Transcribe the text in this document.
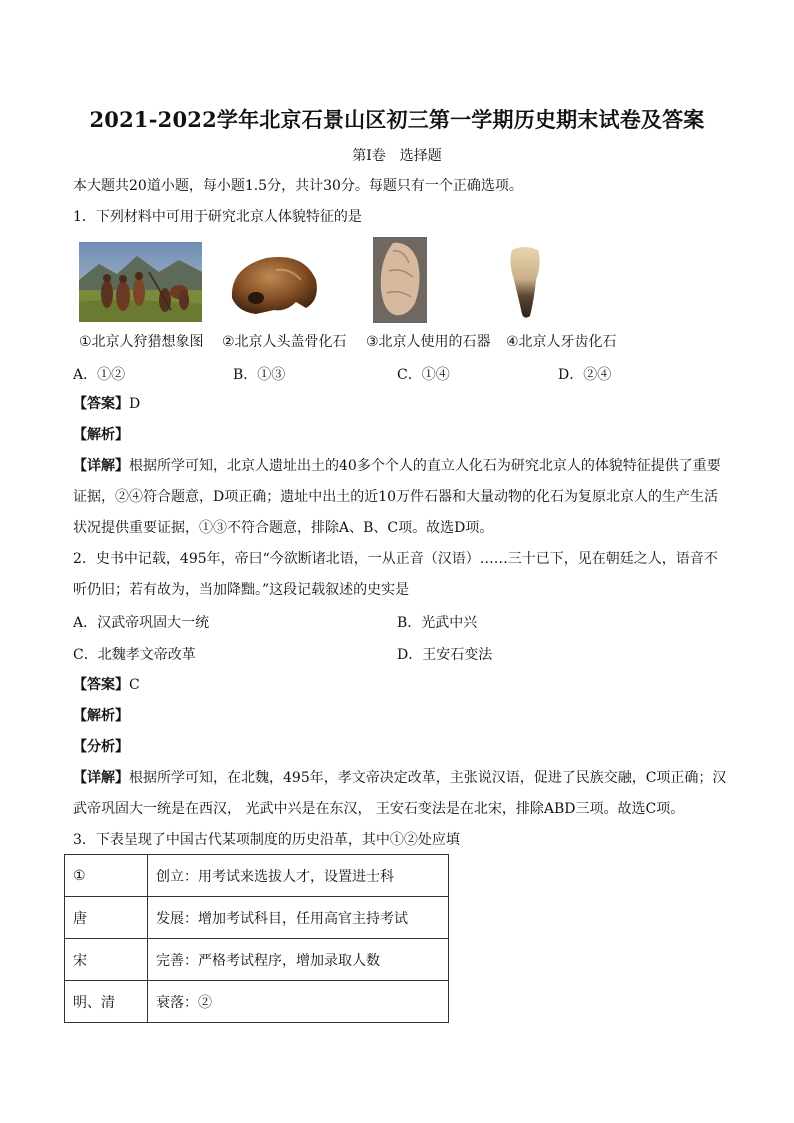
2021-2022学年北京石景山区初三第一学期历史期末试卷及答案
第Ⅰ卷　选择题
本大题共20道小题，每小题1.5分，共计30分。每题只有一个正确选项。
1．下列材料中可用于研究北京人体貌特征的是
①北京人狩猎想象图 ②北京人头盖骨化石 ③北京人使用的石器 ④北京人牙齿化石
A．①②	B．①③	C．①④	D．②④
【答案】D
【解析】
【详解】根据所学可知，北京人遗址出土的40多个个人的直立人化石为研究北京人的体貌特征提供了重要
证据，②④符合题意，D项正确；遗址中出土的近10万件石器和大量动物的化石为复原北京人的生产生活
状况提供重要证据，①③不符合题意，排除A、B、C项。故选D项。
2．史书中记载，495年，帝曰“今欲断诸北语，一从正音（汉语）……三十已下，见在朝廷之人，语音不
听仍旧；若有故为，当加降黜。”这段记载叙述的史实是
A．汉武帝巩固大一统	B．光武中兴
C．北魏孝文帝改革	D．王安石变法
【答案】C
【解析】
【分析】
【详解】根据所学可知，在北魏，495年，孝文帝决定改革，主张说汉语，促进了民族交融，C项正确；汉
武帝巩固大一统是在西汉， 光武中兴是在东汉， 王安石变法是在北宋，排除ABD三项。故选C项。
3．下表呈现了中国古代某项制度的历史沿革，其中①②处应填
①	创立：用考试来选拔人才，设置进士科
唐	发展：增加考试科目，任用高官主持考试
宋	完善：严格考试程序，增加录取人数
明、清	衰落：②
